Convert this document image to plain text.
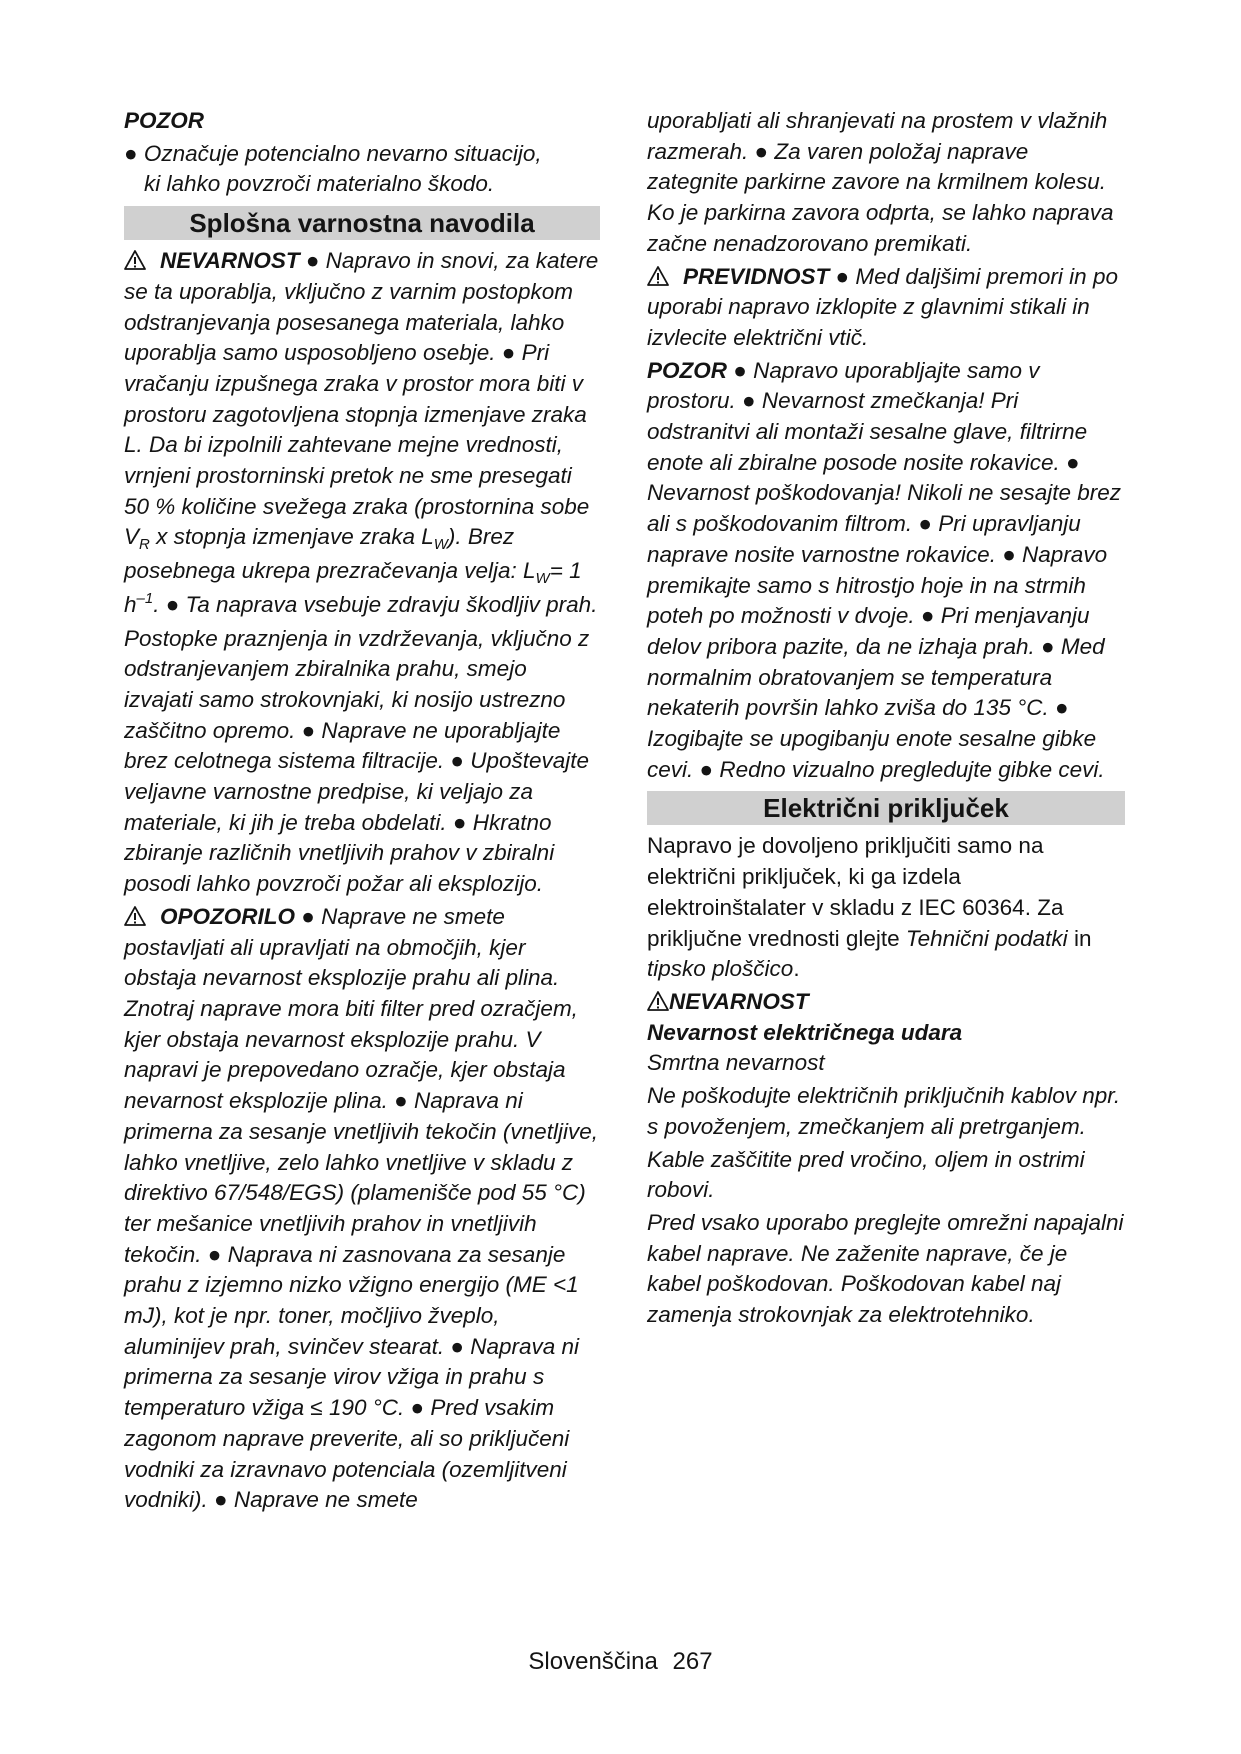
POZOR

● Označuje potencialno nevarno situacijo,

ki lahko povzroči materialno škodo.

Splošna varnostna navodila

NEVARNOST ● Napravo in snovi, za katere se ta uporablja, vključno z varnim postopkom odstranjevanja posesanega materiala, lahko uporablja samo usposobljeno osebje. ● Pri vračanju izpušnega zraka v prostor mora biti v prostoru zagotovljena stopnja izmenjave zraka L. Da bi izpolnili zahtevane mejne vrednosti, vrnjeni prostorninski pretok ne sme presegati 50 % količine svežega zraka (prostornina sobe $V_R$ x stopnja izmenjave zraka $L_W$). Brez posebnega ukrepa prezračevanja velja: $L_W= 1$ $h^{-1}$. ● Ta naprava vsebuje zdravju škodljiv prah. Postopke praznjenja in vzdrževanja, vključno z odstranjevanjem zbiralnika prahu, smejo izvajati samo strokovnjaki, ki nosijo ustrezno zaščitno opremo. ● Naprave ne uporabljajte brez celotnega sistema filtracije. ● Upoštevajte veljavne varnostne predpise, ki veljajo za materiale, ki jih je treba obdelati. ● Hkratno zbiranje različnih vnetljivih prahov v zbiralni posodi lahko povzroči požar ali eksplozijo.

OPOZORILO ● Naprave ne smete postavljati ali upravljati na območjih, kjer obstaja nevarnost eksplozije prahu ali plina. Znotraj naprave mora biti filter pred ozračjem, kjer obstaja nevarnost eksplozije prahu. V napravi je prepovedano ozračje, kjer obstaja nevarnost eksplozije plina. ● Naprava ni primerna za sesanje vnetljivih tekočin (vnetljive, lahko vnetljive, zelo lahko vnetljive v skladu z direktivo 67/548/EGS) (plamenišče pod 55 °C) ter mešanice vnetljivih prahov in vnetljivih tekočin. ● Naprava ni zasnovana za sesanje prahu z izjemno nizko vžigno energijo (ME <1 mJ), kot je npr. toner, močljivo žveplo, aluminijev prah, svinčev stearat. ● Naprava ni primerna za sesanje virov vžiga in prahu s temperaturo vžiga ≤ 190 °C. ● Pred vsakim zagonom naprave preverite, ali so priključeni vodniki za izravnavo potenciala (ozemljitveni vodniki). ● Naprave ne smete

uporabljati ali shranjevati na prostem v vlažnih razmerah. ● Za varen položaj naprave zategnite parkirne zavore na krmilnem kolesu. Ko je parkirna zavora odprta, se lahko naprava začne nenadzorovano premikati.

PREVIDNOST ● Med daljšimi premori in po uporabi napravo izklopite z glavnimi stikali in izvlecite električni vtič.

POZOR ● Napravo uporabljajte samo v prostoru. ● Nevarnost zmečkanja! Pri odstranitvi ali montaži sesalne glave, filtrirne enote ali zbiralne posode nosite rokavice. ● Nevarnost poškodovanja! Nikoli ne sesajte brez ali s poškodovanim filtrom. ● Pri upravljanju naprave nosite varnostne rokavice. ● Napravo premikajte samo s hitrostjo hoje in na strmih poteh po možnosti v dvoje. ● Pri menjavanju delov pribora pazite, da ne izhaja prah. ● Med normalnim obratovanjem se temperatura nekaterih površin lahko zviša do 135 °C. ● Izogibajte se upogibanju enote sesalne gibke cevi. ● Redno vizualno pregledujte gibke cevi.

Električni priključek

Napravo je dovoljeno priključiti samo na električni priključek, ki ga izdela elektroinštalater v skladu z IEC 60364. Za priključne vrednosti glejte Tehnični podatki in tipsko ploščico.

NEVARNOST

Nevarnost električnega udara

Smrtna nevarnost

Ne poškodujte električnih priključnih kablov npr. s povoženjem, zmečkanjem ali pretrganjem.

Kable zaščitite pred vročino, oljem in ostrimi robovi.

Pred vsako uporabo preglejte omrežni napajalni kabel naprave. Ne zaženite naprave, če je kabel poškodovan. Poškodovan kabel naj zamenja strokovnjak za elektrotehniko.

Slovenščina 267
